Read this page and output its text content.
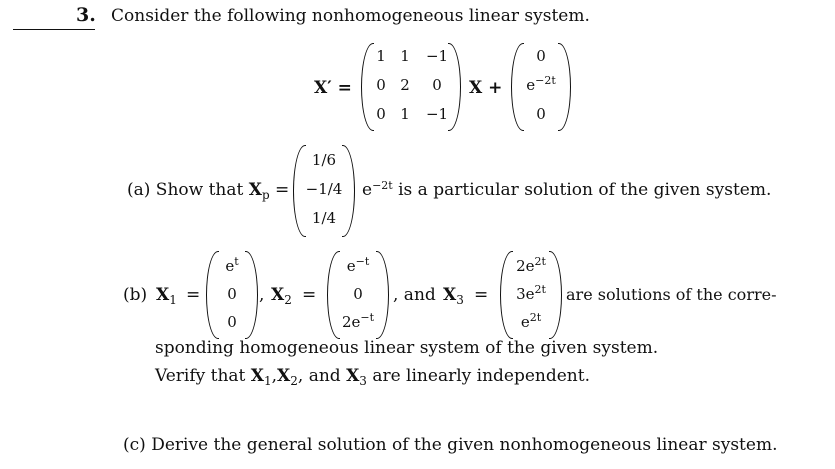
3. Consider the following nonhomogeneous linear system.
X′ =
1 1	−1
0 2	0
0 1	−1
X +
0
$e^{-2t}$
0
(a) Show that $X_p$ =
1/6
−1/4
1/4
$e^{-2t}$ is a particular solution of the given system.
(b) $X_1$ =
$e^t$
0
0
, $X_2$ =
$e^{-t}$
0
$2e^{-t}$
, and $X_3$ =
$2e^{2t}$
$3e^{2t}$
$e^{2t}$
are solutions of the corre-
sponding homogeneous linear system of the given system.
Verify that $X_1,X_2$, and $X_3$ are linearly independent.
(c) Derive the general solution of the given nonhomogeneous linear system.
